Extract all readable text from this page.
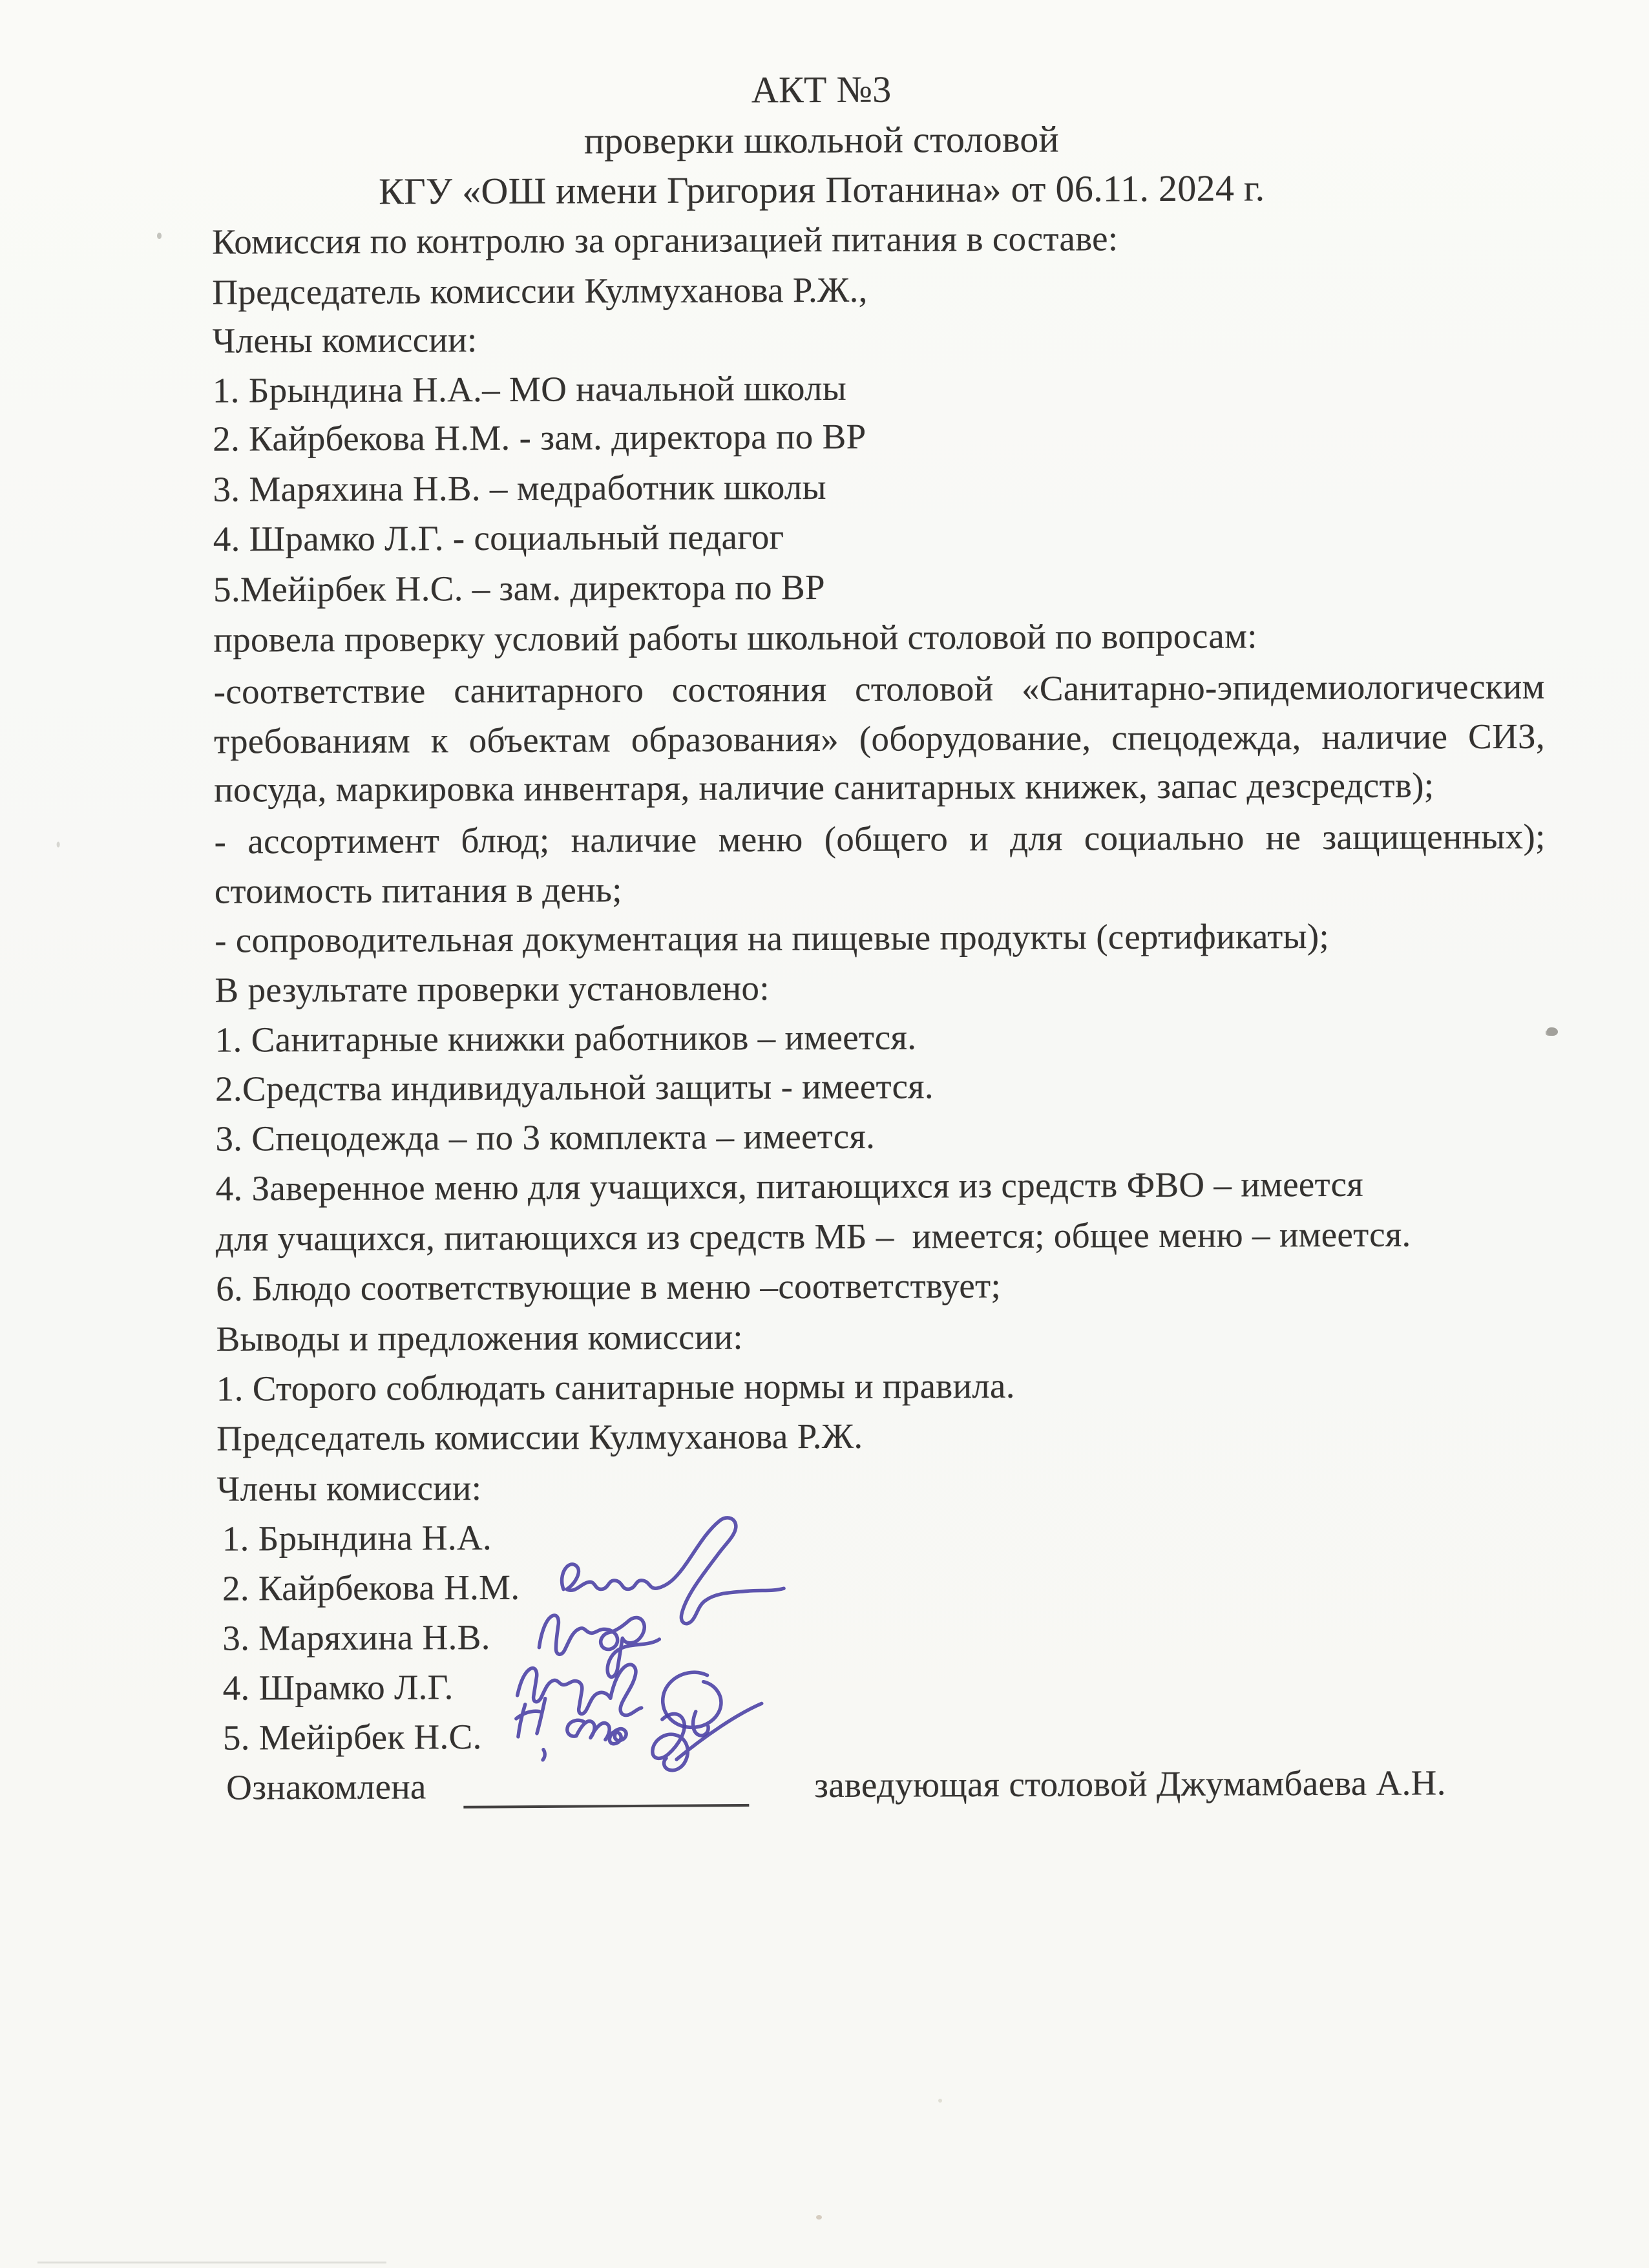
АКТ №3
проверки школьной столовой
КГУ «ОШ имени Григория Потанина» от 06.11. 2024 г.
Комиссия по контролю за организацией питания в составе:
Председатель комиссии Кулмуханова Р.Ж.,
Члены комиссии:
1. Брындина Н.А.– МО начальной школы
2. Кайрбекова Н.М. - зам. директора по ВР
3. Маряхина Н.В. – медработник школы
4. Шрамко Л.Г. - социальный педагог
5.Мейірбек Н.С. – зам. директора по ВР
провела проверку условий работы школьной столовой по вопросам:
-соответствие санитарного состояния столовой «Санитарно-эпидемиологическим
требованиям к объектам образования» (оборудование, спецодежда, наличие СИЗ,
посуда, маркировка инвентаря, наличие санитарных книжек, запас дезсредств);
- ассортимент блюд; наличие меню (общего и для социально не защищенных);
стоимость питания в день;
- сопроводительная документация на пищевые продукты (сертификаты);
В результате проверки установлено:
1. Санитарные книжки работников – имеется.
2.Средства индивидуальной защиты - имеется.
3. Спецодежда – по 3 комплекта – имеется.
4. Заверенное меню для учащихся, питающихся из средств ФВО – имеется
для учащихся, питающихся из средств МБ –  имеется; общее меню – имеется.
6. Блюдо соответствующие в меню –соответствует;
Выводы и предложения комиссии:
1. Сторого соблюдать санитарные нормы и правила.
Председатель комиссии Кулмуханова Р.Ж.
Члены комиссии:
1. Брындина Н.А.
2. Кайрбекова Н.М.
3. Маряхина Н.В.
4. Шрамко Л.Г.
5. Мейірбек Н.С.
Ознакомлена	заведующая столовой Джумамбаева А.Н.
